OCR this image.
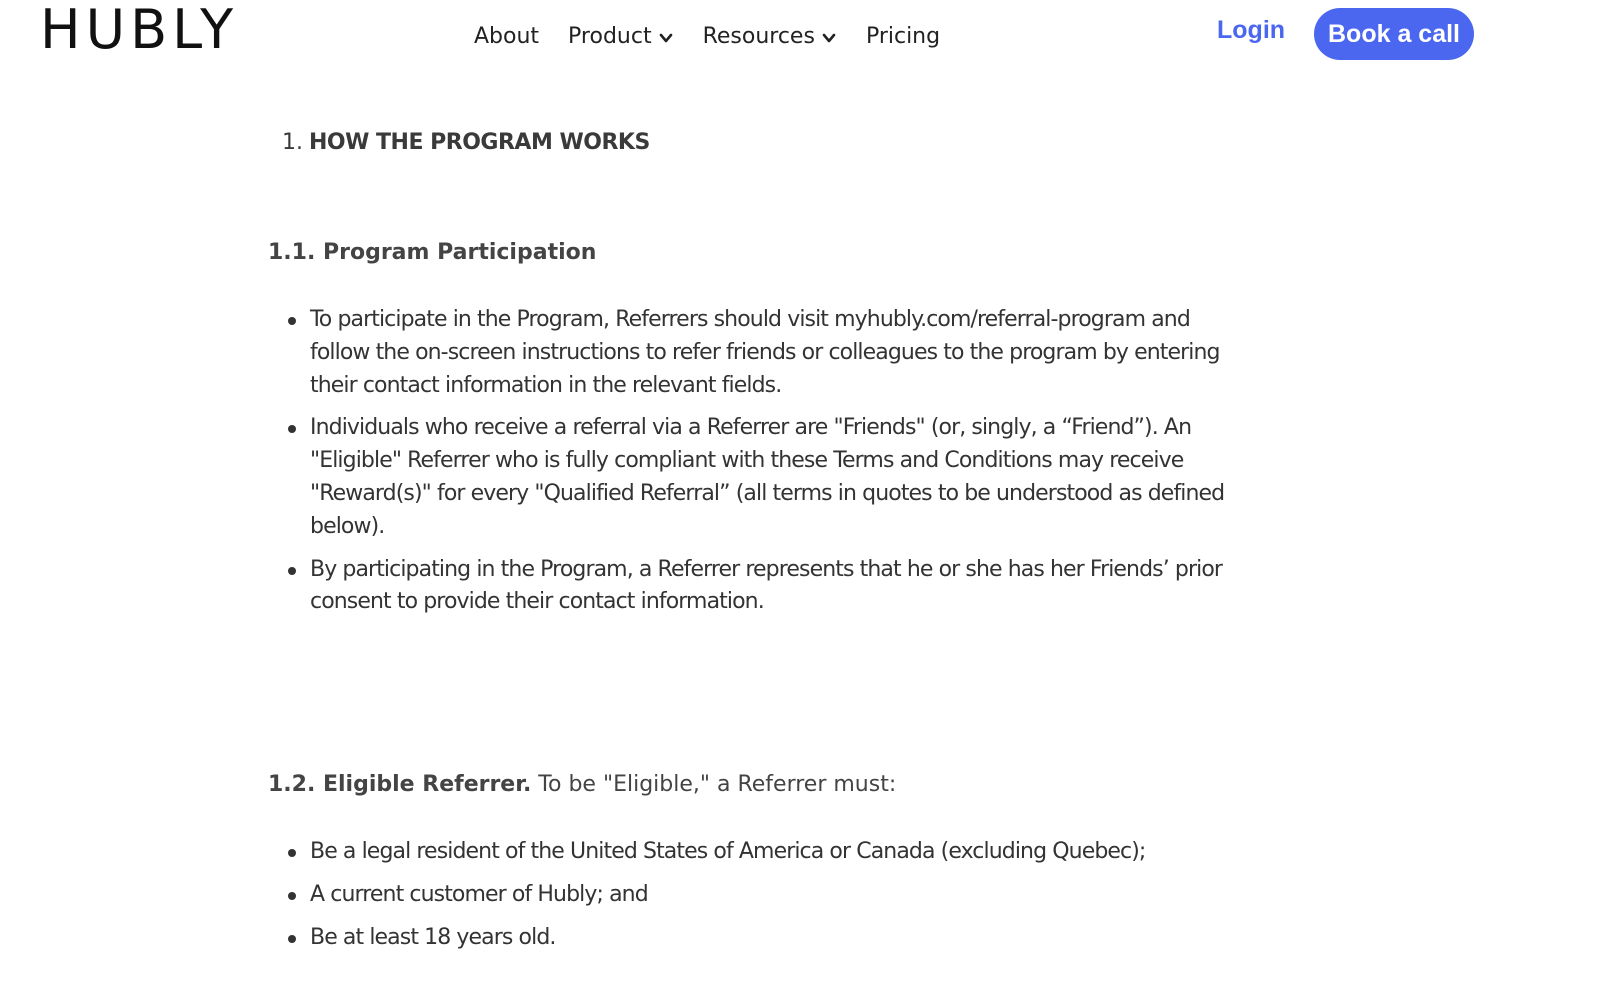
HUBLY	About Product Resources Pricing	Login	Book a call
1. HOW THE PROGRAM WORKS
1.1. Program Participation
To participate in the Program, Referrers should visit myhubly.com/referral-program and follow the on-screen instructions to refer friends or colleagues to the program by entering their contact information in the relevant fields.
Individuals who receive a referral via a Referrer are "Friends" (or, singly, a “Friend”). An "Eligible" Referrer who is fully compliant with these Terms and Conditions may receive "Reward(s)" for every "Qualified Referral” (all terms in quotes to be understood as defined below).
By participating in the Program, a Referrer represents that he or she has her Friends’ prior consent to provide their contact information.
1.2. Eligible Referrer. To be "Eligible," a Referrer must:
Be a legal resident of the United States of America or Canada (excluding Quebec);
A current customer of Hubly; and
Be at least 18 years old.
